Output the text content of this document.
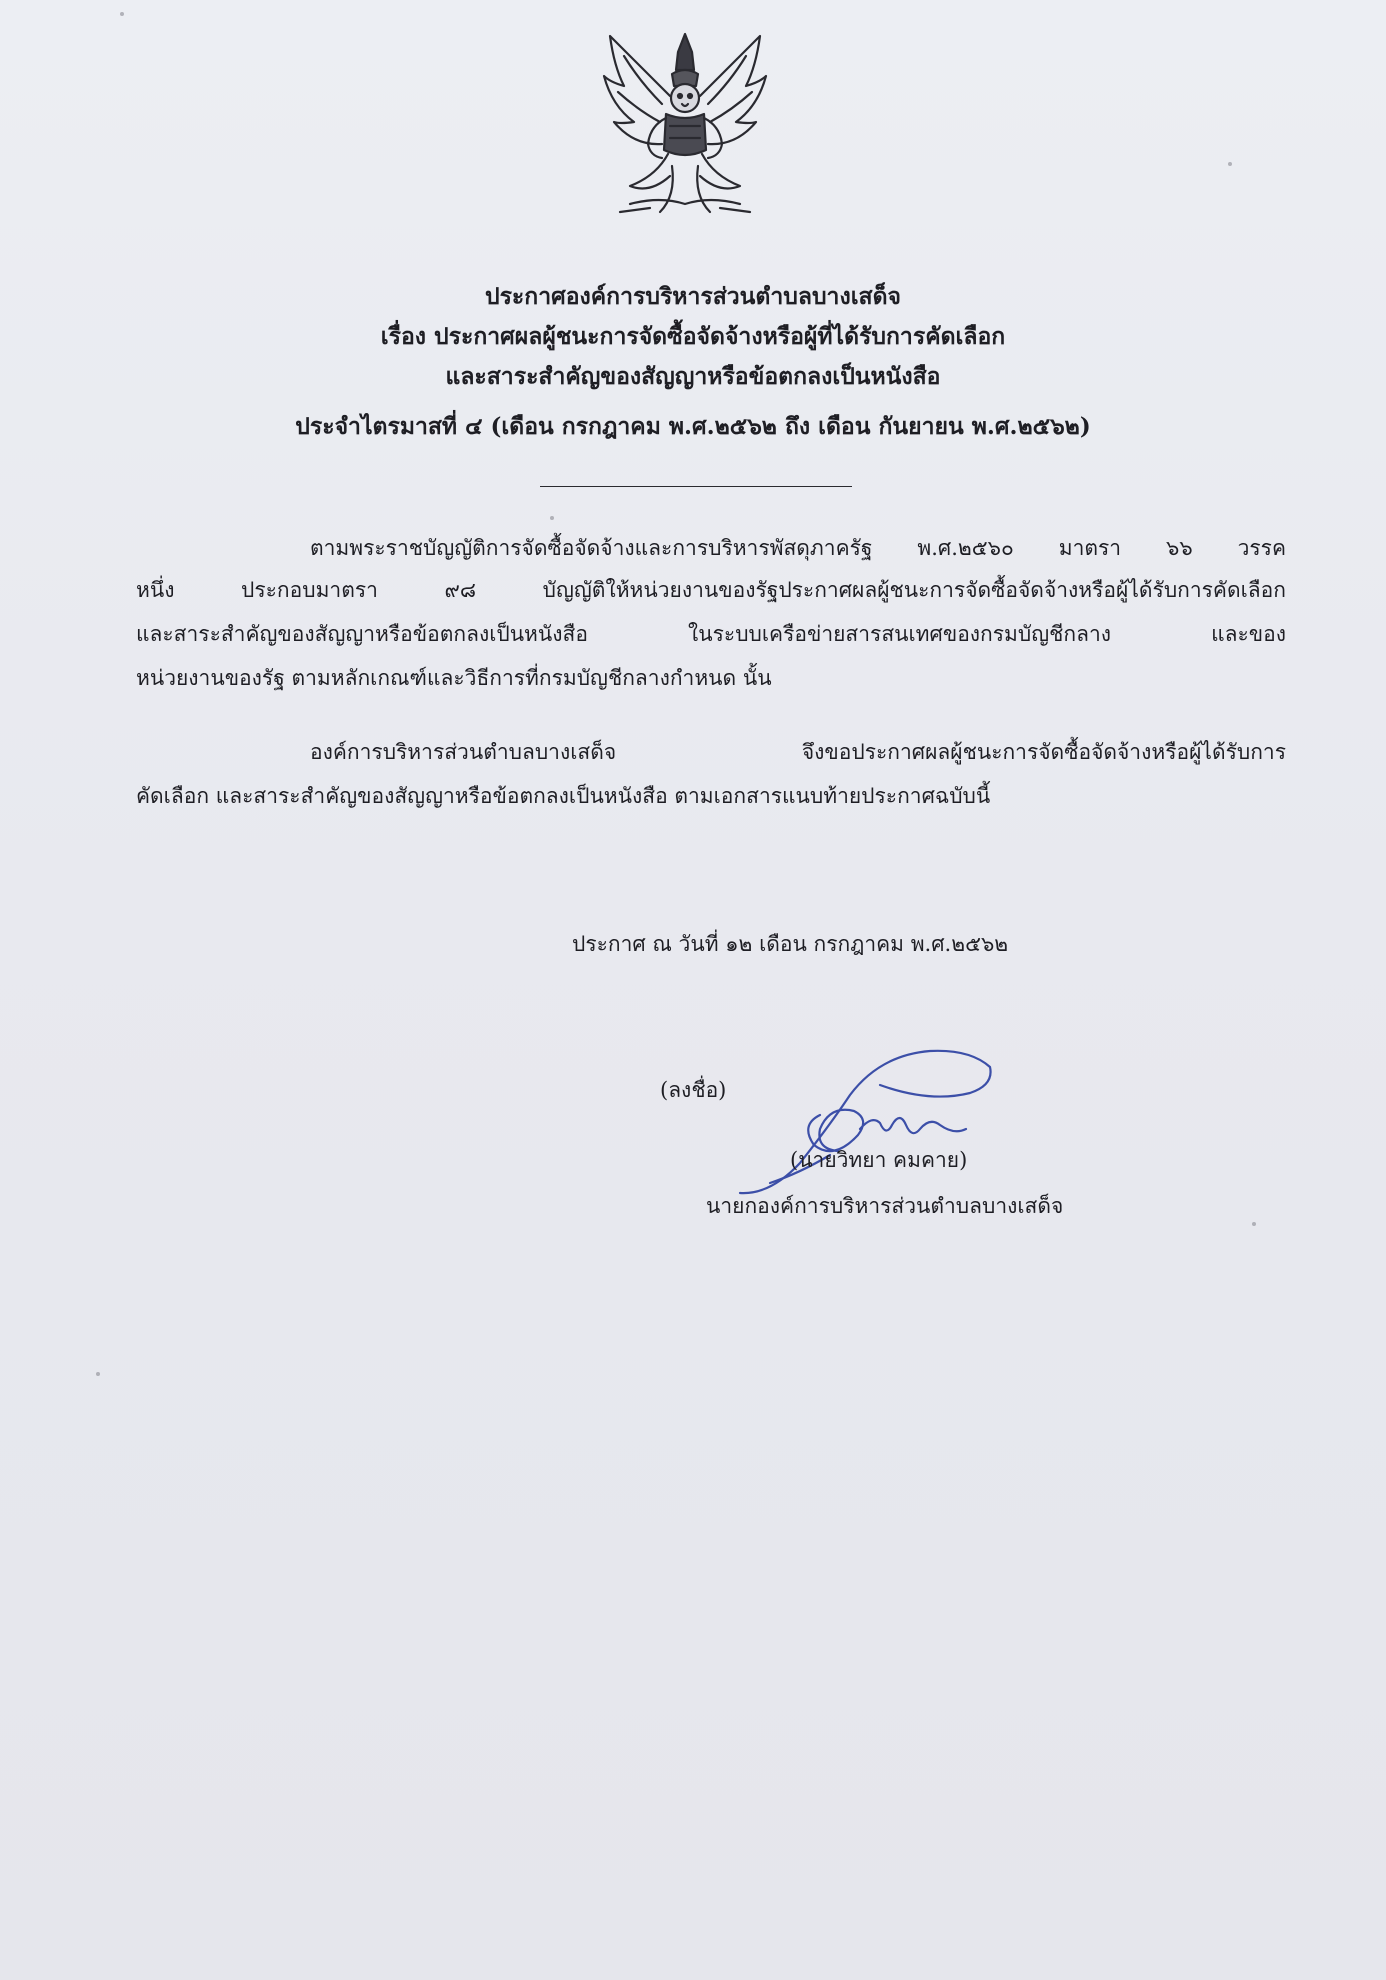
ประกาศองค์การบริหารส่วนตำบลบางเสด็จ
เรื่อง ประกาศผลผู้ชนะการจัดซื้อจัดจ้างหรือผู้ที่ได้รับการคัดเลือก
และสาระสำคัญของสัญญาหรือข้อตกลงเป็นหนังสือ
ประจำไตรมาสที่ ๔ (เดือน กรกฎาคม พ.ศ.๒๕๖๒ ถึง เดือน กันยายน พ.ศ.๒๕๖๒)
ตามพระราชบัญญัติการจัดซื้อจัดจ้างและการบริหารพัสดุภาครัฐ พ.ศ.๒๕๖๐ มาตรา ๖๖ วรรค
หนึ่ง ประกอบมาตรา ๙๘ บัญญัติให้หน่วยงานของรัฐประกาศผลผู้ชนะการจัดซื้อจัดจ้างหรือผู้ได้รับการคัดเลือก
และสาระสำคัญของสัญญาหรือข้อตกลงเป็นหนังสือ ในระบบเครือข่ายสารสนเทศของกรมบัญชีกลาง และของ
หน่วยงานของรัฐ ตามหลักเกณฑ์และวิธีการที่กรมบัญชีกลางกำหนด นั้น
องค์การบริหารส่วนตำบลบางเสด็จ จึงขอประกาศผลผู้ชนะการจัดซื้อจัดจ้างหรือผู้ได้รับการ
คัดเลือก และสาระสำคัญของสัญญาหรือข้อตกลงเป็นหนังสือ ตามเอกสารแนบท้ายประกาศฉบับนี้
ประกาศ ณ วันที่ ๑๒ เดือน กรกฎาคม พ.ศ.๒๕๖๒
(ลงชื่อ)
(นายวิทยา คมคาย)
นายกองค์การบริหารส่วนตำบลบางเสด็จ
